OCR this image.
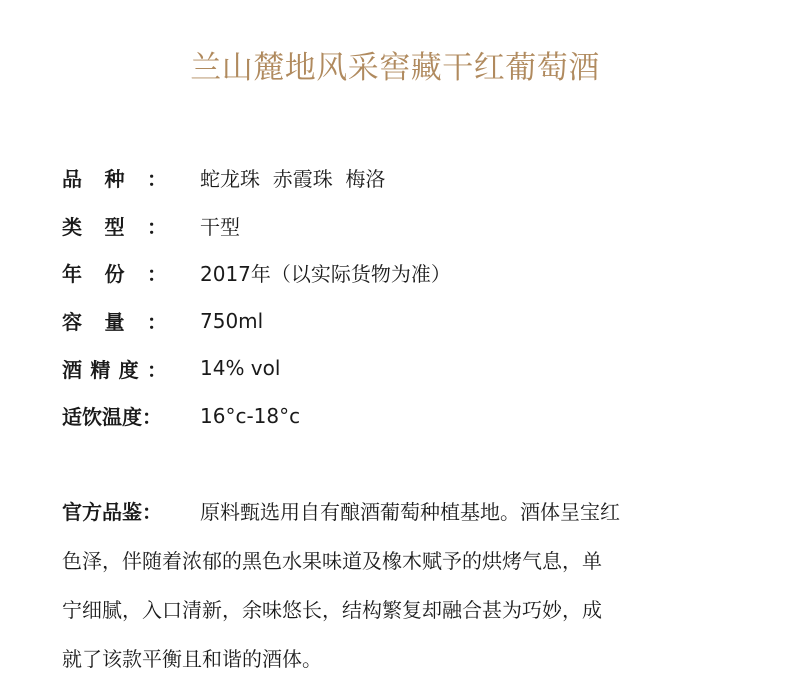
兰山麓地风采窖藏干红葡萄酒
品 种 ： 蛇龙珠  赤霞珠  梅洛
类 型 ： 干型
年 份 ： 2017年（以实际货物为准）
容 量 ： 750ml
酒 精 度 ： 14% vol
适 饮 温 度 ： 16°c-18°c
官方品鉴：	原料甄选用自有酿酒葡萄种植基地。酒体呈宝红
色泽，伴随着浓郁的黑色水果味道及橡木赋予的烘烤气息，单
宁细腻，入口清新，余味悠长，结构繁复却融合甚为巧妙，成
就了该款平衡且和谐的酒体。
